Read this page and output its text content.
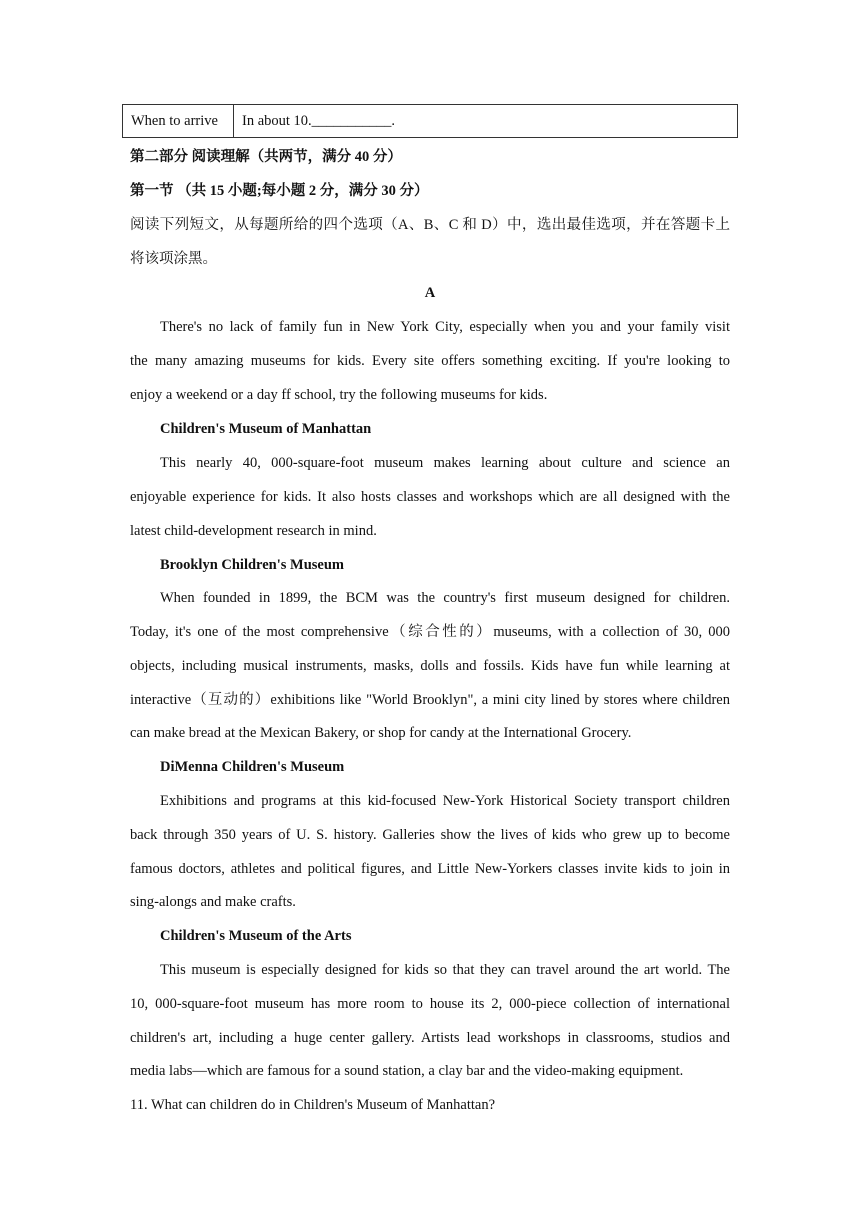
When to arrive	In about 10.___________.
第二部分 阅读理解（共两节，满分 40 分）
第一节 （共 15 小题;每小题 2 分，满分 30 分）
阅读下列短文，从每题所给的四个选项（A、B、C 和 D）中，选出最佳选项，并在答题卡上
将该项涂黑。
A
There's no lack of family fun in New York City, especially when you and your family visit
the many amazing museums for kids. Every site offers something exciting. If you're looking to
enjoy a weekend or a day ff school, try the following museums for kids.
Children's Museum of Manhattan
This nearly 40, 000-square-foot museum makes learning about culture and science an
enjoyable experience for kids. It also hosts classes and workshops which are all designed with the
latest child-development research in mind.
Brooklyn Children's Museum
When founded in 1899, the BCM was the country's first museum designed for children.
Today, it's one of the most comprehensive（综合性的）museums, with a collection of 30, 000
objects, including musical instruments, masks, dolls and fossils. Kids have fun while learning at
interactive（互动的）exhibitions like "World Brooklyn", a mini city lined by stores where children
can make bread at the Mexican Bakery, or shop for candy at the International Grocery.
DiMenna Children's Museum
Exhibitions and programs at this kid-focused New-York Historical Society transport children
back through 350 years of U. S. history. Galleries show the lives of kids who grew up to become
famous doctors, athletes and political figures, and Little New-Yorkers classes invite kids to join in
sing-alongs and make crafts.
Children's Museum of the Arts
This museum is especially designed for kids so that they can travel around the art world. The
10, 000-square-foot museum has more room to house its 2, 000-piece collection of international
children's art, including a huge center gallery. Artists lead workshops in classrooms, studios and
media labs—which are famous for a sound station, a clay bar and the video-making equipment.
11. What can children do in Children's Museum of Manhattan?
